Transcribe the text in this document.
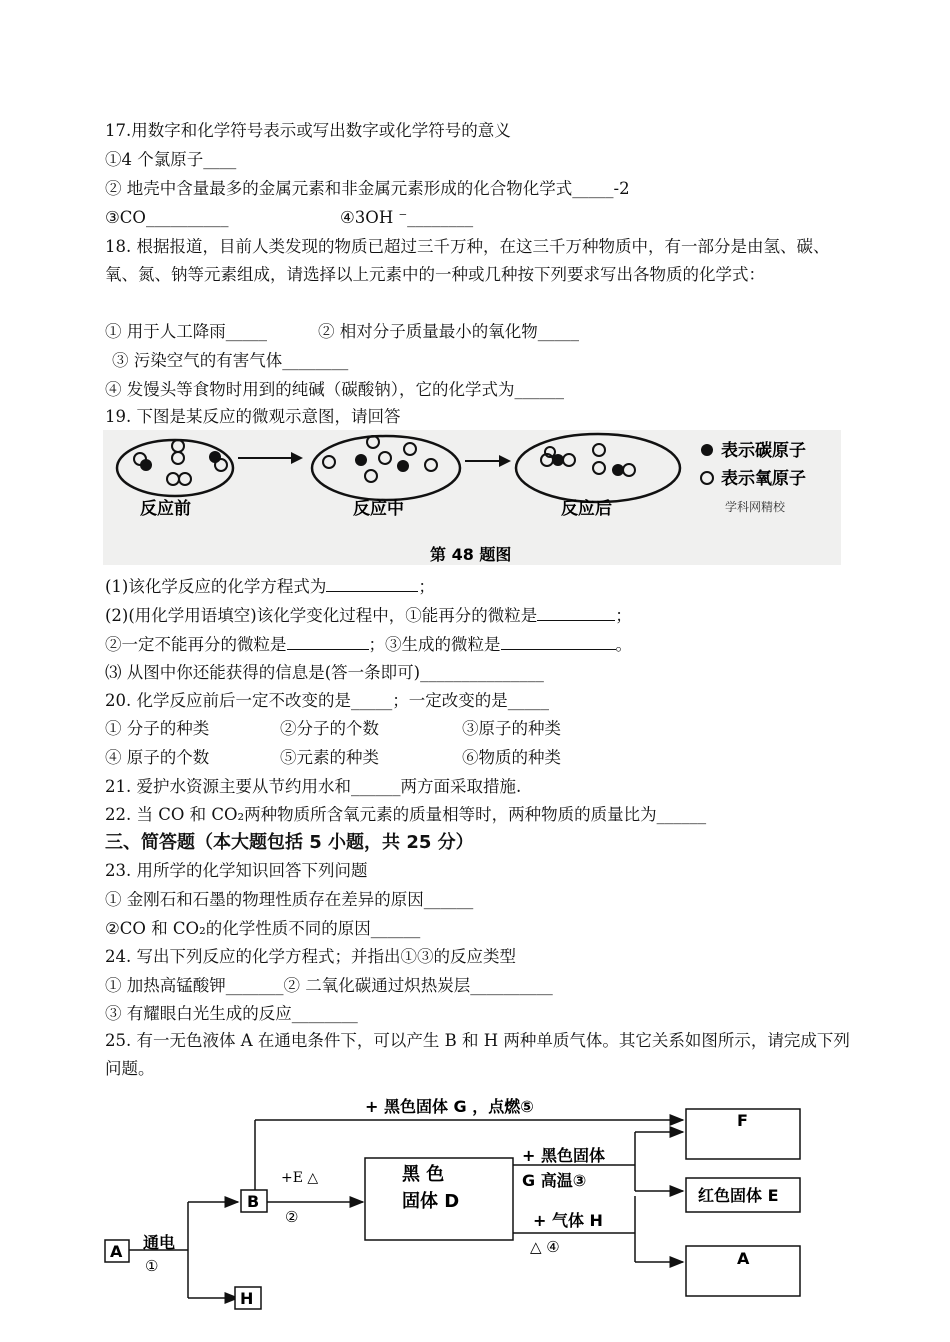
17.用数字和化学符号表示或写出数字或化学符号的意义
①4 个氯原子____
② 地壳中含量最多的金属元素和非金属元素形成的化合物化学式_____-2
③CO__________	④3OH ⁻________
18. 根据报道，目前人类发现的物质已超过三千万种，在这三千万种物质中，有一部分是由氢、碳、氧、氮、钠等元素组成，请选择以上元素中的一种或几种按下列要求写出各物质的化学式：
① 用于人工降雨_____	② 相对分子质量最小的氧化物_____
③ 污染空气的有害气体________
④ 发馒头等食物时用到的纯碱（碳酸钠），它的化学式为______
19. 下图是某反应的微观示意图，请回答
反应前	反应中	反应后
表示碳原子
表示氧原子
学科网精校
第 48 题图
(1)该化学反应的化学方程式为	；
(2)(用化学用语填空)该化学变化过程中，①能再分的微粒是	；
②一定不能再分的微粒是	；③生成的微粒是	。
⑶ 从图中你还能获得的信息是(答一条即可)_______________
20. 化学反应前后一定不改变的是_____；一定改变的是_____
① 分子的种类	②分子的个数	③原子的种类
④ 原子的个数	⑤元素的种类	⑥物质的种类
21. 爱护水资源主要从节约用水和______两方面采取措施.
22. 当 CO 和 CO₂两种物质所含氧元素的质量相等时，两种物质的质量比为______
三、简答题（本大题包括 5 小题，共 25 分）
23. 用所学的化学知识回答下列问题
① 金刚石和石墨的物理性质存在差异的原因______
②CO 和 CO₂的化学性质不同的原因______
24. 写出下列反应的化学方程式；并指出①③的反应类型
① 加热高锰酸钾_______② 二氧化碳通过炽热炭层__________
③ 有耀眼白光生成的反应________
25. 有一无色液体 A 在通电条件下，可以产生 B 和 H 两种单质气体。其它关系如图所示，请完成下列问题。
A 通电
①
B
H
+ 黑色固体 G ，点燃⑤
+E △
②
黑 色
固体 D
+ 黑色固体
G 高温③
+ 气体 H
△ ④
F
红色固体 E
A
